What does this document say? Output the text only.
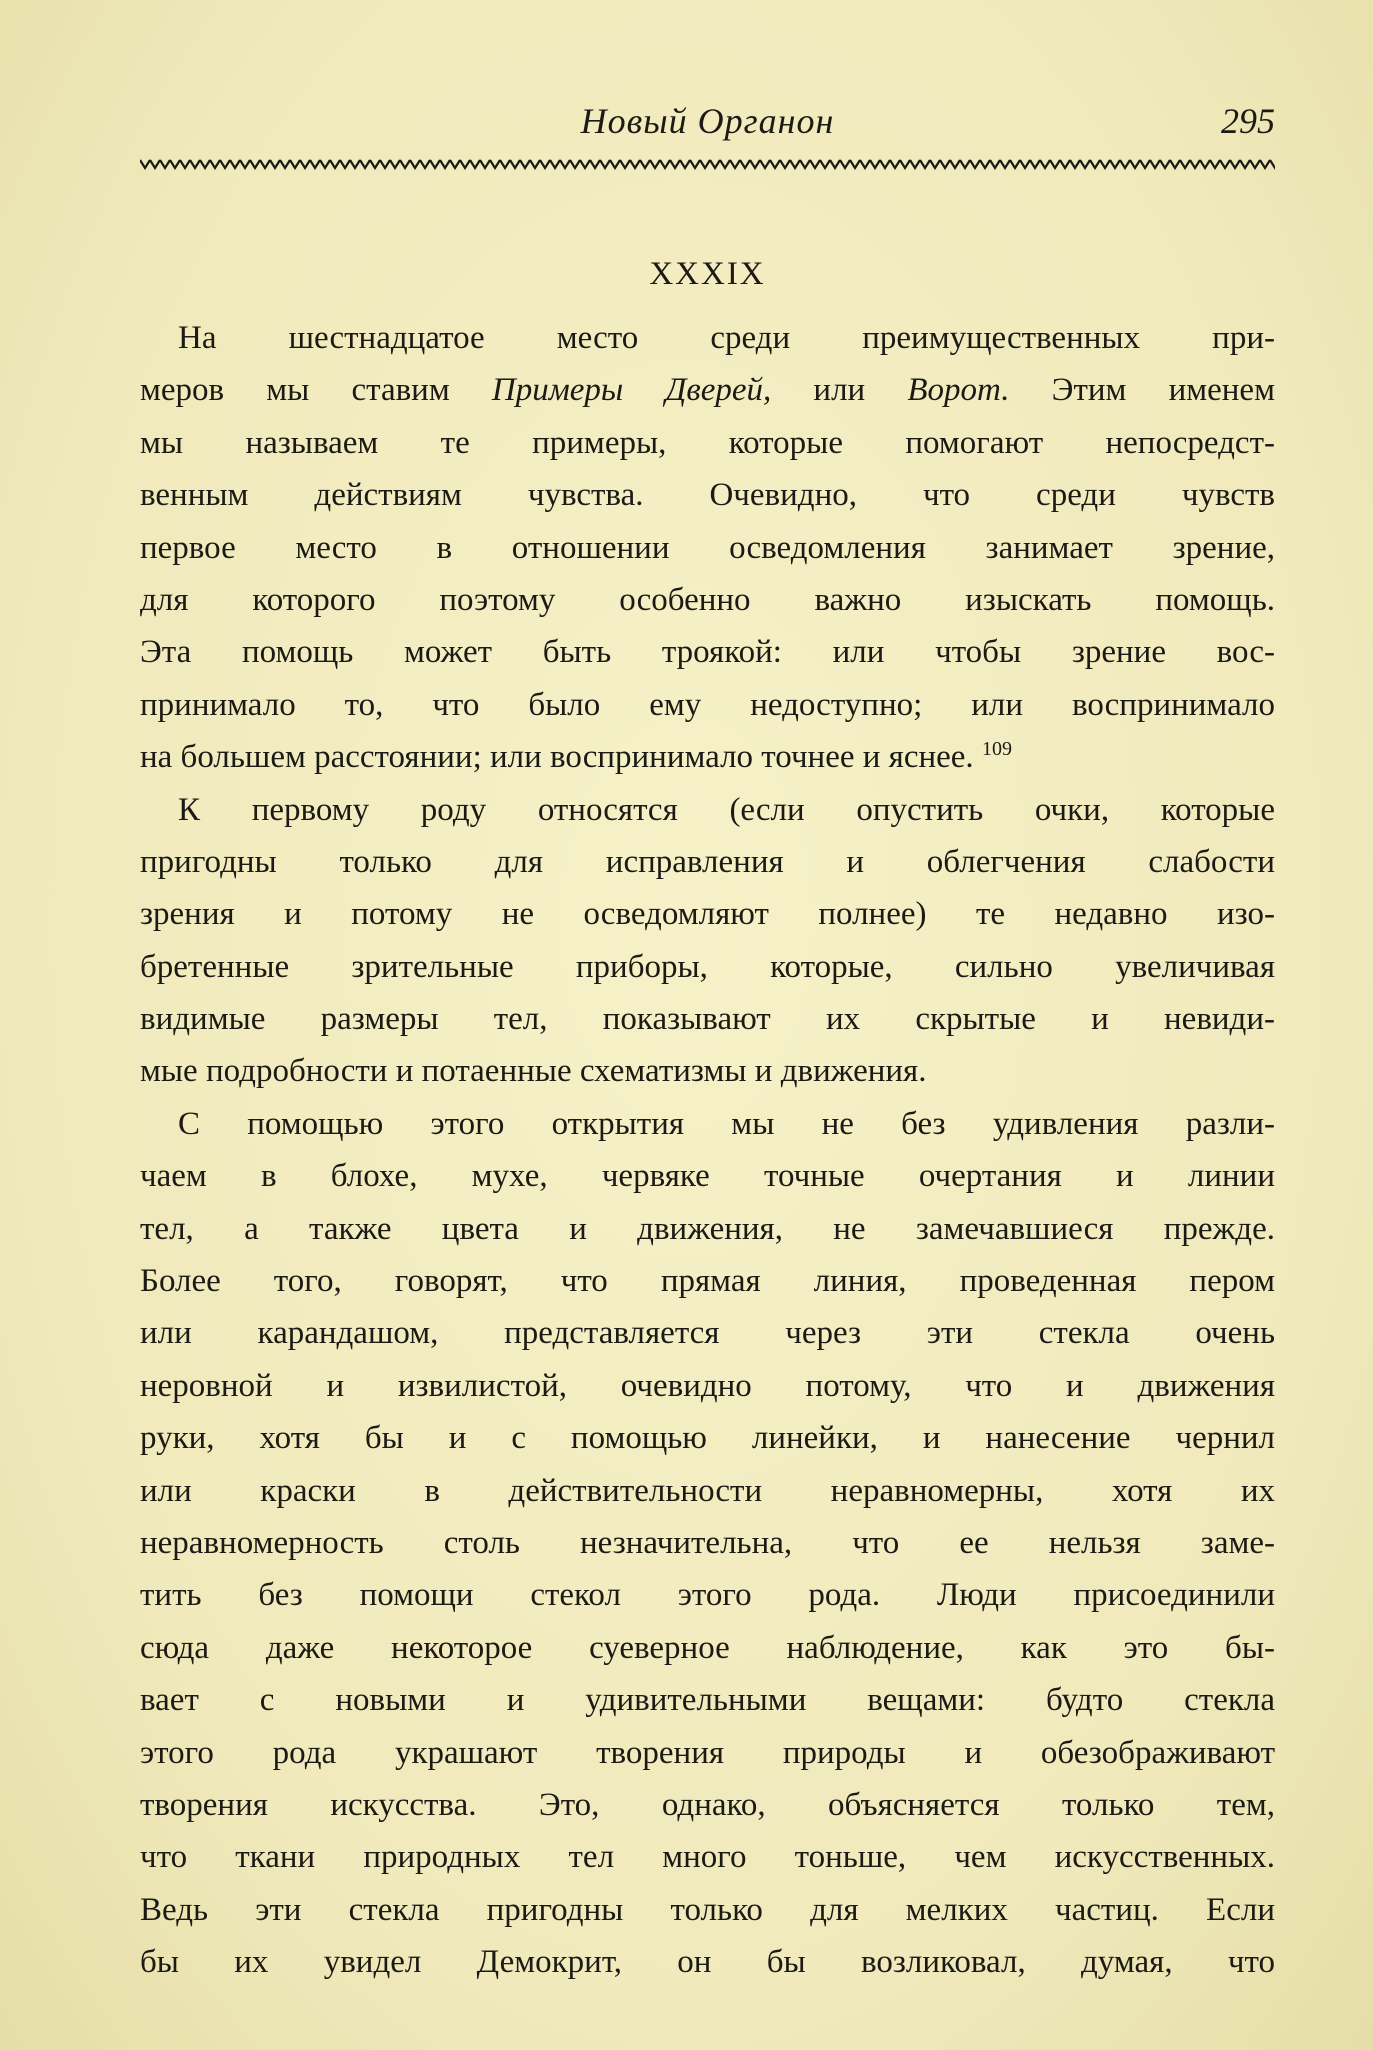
Новый Органон	295
XXXIX
На шестнадцатое место среди преимущественных при-
меров мы ставим Примеры Дверей, или Ворот. Этим именем
мы называем те примеры, которые помогают непосредст-
венным действиям чувства. Очевидно, что среди чувств
первое место в отношении осведомления занимает зрение,
для которого поэтому особенно важно изыскать помощь.
Эта помощь может быть троякой: или чтобы зрение вос-
принимало то, что было ему недоступно; или воспринимало
на большем расстоянии; или воспринимало точнее и яснее. $^{109}$
К первому роду относятся (если опустить очки, которые
пригодны только для исправления и облегчения слабости
зрения и потому не осведомляют полнее) те недавно изо-
бретенные зрительные приборы, которые, сильно увеличивая
видимые размеры тел, показывают их скрытые и невиди-
мые подробности и потаенные схематизмы и движения.
С помощью этого открытия мы не без удивления разли-
чаем в блохе, мухе, червяке точные очертания и линии
тел, а также цвета и движения, не замечавшиеся прежде.
Более того, говорят, что прямая линия, проведенная пером
или карандашом, представляется через эти стекла очень
неровной и извилистой, очевидно потому, что и движения
руки, хотя бы и с помощью линейки, и нанесение чернил
или краски в действительности неравномерны, хотя их
неравномерность столь незначительна, что ее нельзя заме-
тить без помощи стекол этого рода. Люди присоединили
сюда даже некоторое суеверное наблюдение, как это бы-
вает с новыми и удивительными вещами: будто стекла
этого рода украшают творения природы и обезображивают
творения искусства. Это, однако, объясняется только тем,
что ткани природных тел много тоньше, чем искусственных.
Ведь эти стекла пригодны только для мелких частиц. Если
бы их увидел Демокрит, он бы возликовал, думая, что
